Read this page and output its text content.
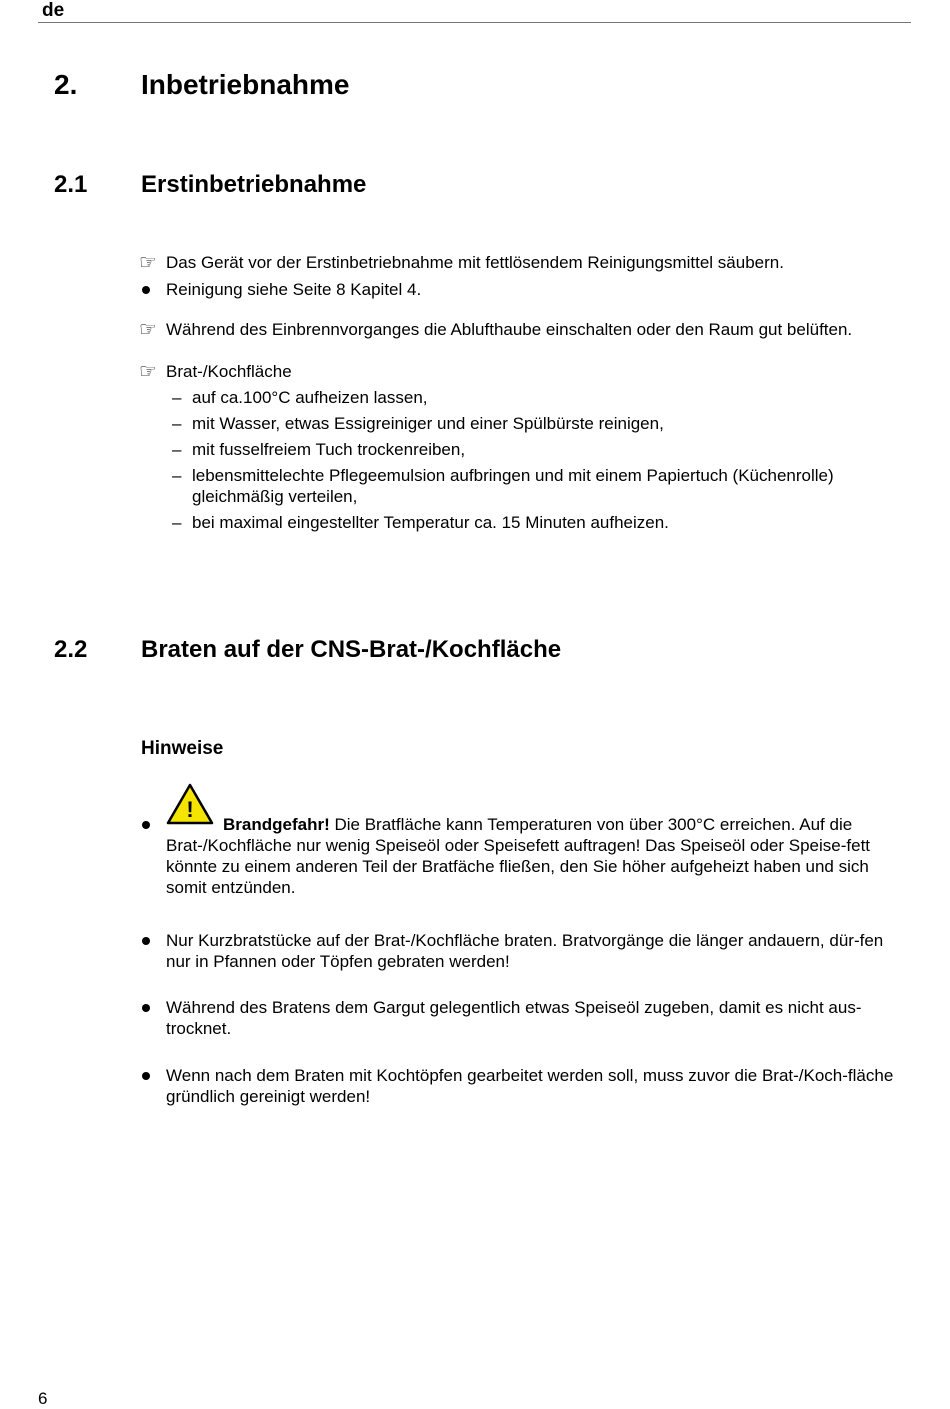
de
2. Inbetriebnahme
2.1 Erstinbetriebnahme
☞ Das Gerät vor der Erstinbetriebnahme mit fettlösendem Reinigungsmittel säubern.
Reinigung siehe Seite 8 Kapitel 4.
☞ Während des Einbrennvorganges die Ablufthaube einschalten oder den Raum gut belüften.
☞ Brat-/Kochfläche
– auf ca.100°C aufheizen lassen,
– mit Wasser, etwas Essigreiniger und einer Spülbürste reinigen,
– mit fusselfreiem Tuch trockenreiben,
– lebensmittelechte Pflegeemulsion aufbringen und mit einem Papiertuch (Küchenrolle) gleichmäßig verteilen,
– bei maximal eingestellter Temperatur ca. 15 Minuten aufheizen.
2.2 Braten auf der CNS-Brat-/Kochfläche
Hinweise
!
Brandgefahr! Die Bratfläche kann Temperaturen von über 300°C erreichen. Auf die
Brat-/Kochfläche nur wenig Speiseöl oder Speisefett auftragen! Das Speiseöl oder Speise-fett könnte zu einem anderen Teil der Bratfäche fließen, den Sie höher aufgeheizt haben und sich somit entzünden.
Nur Kurzbratstücke auf der Brat-/Kochfläche braten. Bratvorgänge die länger andauern, dür-fen nur in Pfannen oder Töpfen gebraten werden!
Während des Bratens dem Gargut gelegentlich etwas Speiseöl zugeben, damit es nicht aus-trocknet.
Wenn nach dem Braten mit Kochtöpfen gearbeitet werden soll, muss zuvor die Brat-/Koch-fläche gründlich gereinigt werden!
6
